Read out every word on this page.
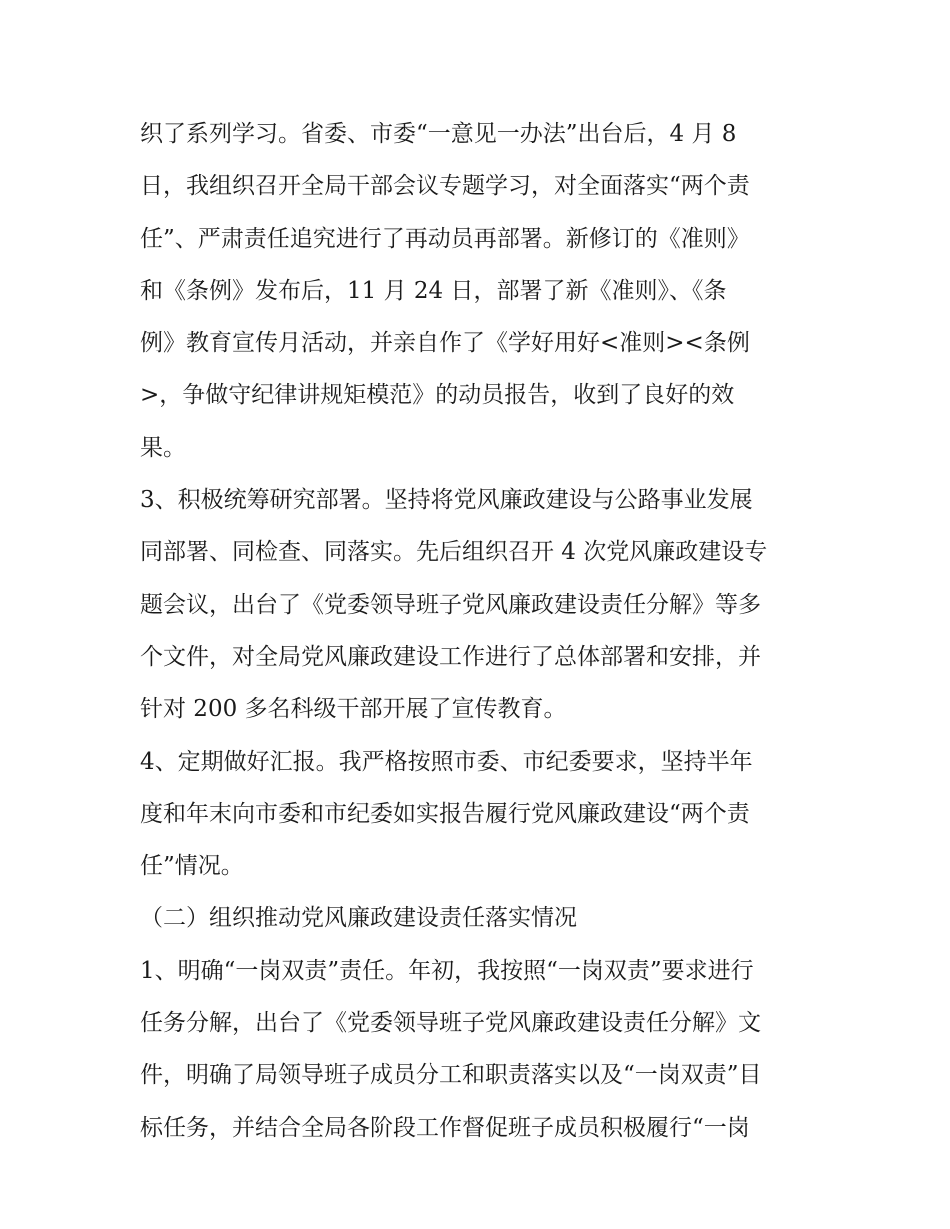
织了系列学习。省委、市委“一意见一办法”出台后，4 月 8
日，我组织召开全局干部会议专题学习，对全面落实“两个责
任”、严肃责任追究进行了再动员再部署。新修订的《准则》
和《条例》发布后，11 月 24 日，部署了新《准则》、《条
例》教育宣传月活动，并亲自作了《学好用好<准则><条例
>，争做守纪律讲规矩模范》的动员报告，收到了良好的效
果。
3、积极统筹研究部署。坚持将党风廉政建设与公路事业发展
同部署、同检查、同落实。先后组织召开 4 次党风廉政建设专
题会议，出台了《党委领导班子党风廉政建设责任分解》等多
个文件，对全局党风廉政建设工作进行了总体部署和安排，并
针对 200 多名科级干部开展了宣传教育。
4、定期做好汇报。我严格按照市委、市纪委要求，坚持半年
度和年末向市委和市纪委如实报告履行党风廉政建设“两个责
任”情况。
（二）组织推动党风廉政建设责任落实情况
1、明确“一岗双责”责任。年初，我按照“一岗双责”要求进行
任务分解，出台了《党委领导班子党风廉政建设责任分解》文
件，明确了局领导班子成员分工和职责落实以及“一岗双责”目
标任务，并结合全局各阶段工作督促班子成员积极履行“一岗
